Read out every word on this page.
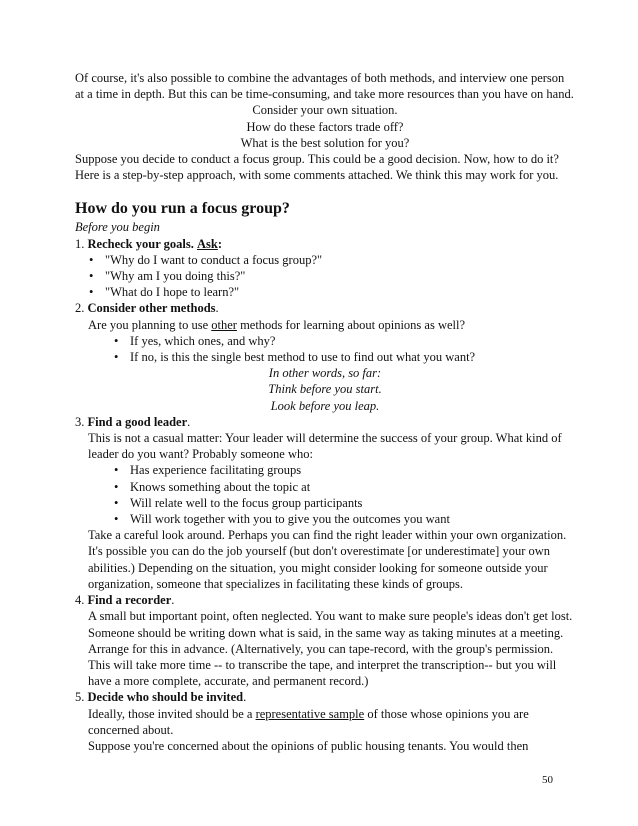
Of course, it's also possible to combine the advantages of both methods, and interview one person at a time in depth. But this can be time-consuming, and take more resources than you have on hand.

Consider your own situation.

How do these factors trade off?

What is the best solution for you?

Suppose you decide to conduct a focus group. This could be a good decision. Now, how to do it? Here is a step-by-step approach, with some comments attached. We think this may work for you.

How do you run a focus group?

Before you begin

1. Recheck your goals. Ask:

• "Why do I want to conduct a focus group?"
• "Why am I you doing this?"
• "What do I hope to learn?"

2. Consider other methods.

Are you planning to use other methods for learning about opinions as well?

• If yes, which ones, and why?
• If no, is this the single best method to use to find out what you want?

In other words, so far:

Think before you start.

Look before you leap.

3. Find a good leader.

This is not a casual matter: Your leader will determine the success of your group. What kind of leader do you want? Probably someone who:

• Has experience facilitating groups
• Knows something about the topic at
• Will relate well to the focus group participants
• Will work together with you to give you the outcomes you want

Take a careful look around. Perhaps you can find the right leader within your own organization. It's possible you can do the job yourself (but don't overestimate [or underestimate] your own abilities.) Depending on the situation, you might consider looking for someone outside your organization, someone that specializes in facilitating these kinds of groups.

4. Find a recorder.

A small but important point, often neglected. You want to make sure people's ideas don't get lost. Someone should be writing down what is said, in the same way as taking minutes at a meeting. Arrange for this in advance. (Alternatively, you can tape-record, with the group's permission. This will take more time -- to transcribe the tape, and interpret the transcription-- but you will have a more complete, accurate, and permanent record.)

5. Decide who should be invited.

Ideally, those invited should be a representative sample of those whose opinions you are concerned about.

Suppose you're concerned about the opinions of public housing tenants. You would then

50
